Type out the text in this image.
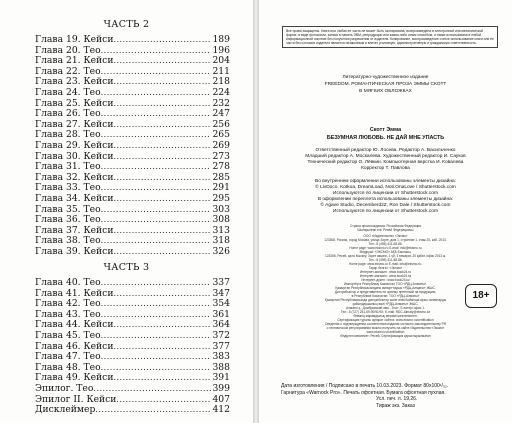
ЧАСТЬ 2
Глава 19. Кейси .....	189
Глава 20. Тео .....	196
Глава 21. Кейси .....	204
Глава 22. Тео .....	211
Глава 23. Кейси .....	218
Глава 24. Тео .....	224
Глава 25. Кейси .....	232
Глава 26. Тео .....	247
Глава 27. Кейси .....	256
Глава 28. Тео .....	265
Глава 29. Кейси .....	269
Глава 30. Кейси .....	273
Глава 31. Тео .....	278
Глава 32. Кейси .....	285
Глава 33. Тео .....	291
Глава 34. Кейси .....	295
Глава 35. Тео .....	303
Глава 36. Тео .....	308
Глава 37. Кейси .....	313
Глава 38. Тео .....	318
Глава 39. Кейси .....	326
ЧАСТЬ 3
Глава 40. Тео .....	337
Глава 41. Кейси .....	347
Глава 42. Тео .....	354
Глава 43. Тео .....	361
Глава 44. Кейси .....	364
Глава 45. Тео .....	372
Глава 46. Кейси .....	377
Глава 47. Тео .....	383
Глава 48. Тео .....	388
Глава 49. Кейси .....	391
Эпилог. Тео .....	399
Эпилог II. Кейси .....	407
Дисклеймер .....	412
Все права защищены. Книга или любая ее часть не может быть скопирована, воспроизведена в электронной или механической форме, в виде фотокопии, записи в память ЭВМ, репродукции или каким-либо иным способом, а также использована в любой информационной системе без получения разрешения от издателя. Копирование, воспроизведение и иное использование книги или ее части без согласия издателя является незаконным и влечет уголовную, административную и гражданскую ответственность.
Литературно-художественное издание
FREEDOM. РОМАНТИЧЕСКАЯ ПРОЗА ЭММЫ СКОТТ
В МЯГКИХ ОБЛОЖКАХ
Скотт Эмма
БЕЗУМНАЯ ЛЮБОВЬ. НЕ ДАЙ МНЕ УПАСТЬ
Ответственный редактор Ю. Лосева. Редактор А. Васильченко
Младший редактор А. Москалева. Художественный редактор И. Сауков
Технический редактор О. Лёвкин. Компьютерная верстка И. Ковалева
Корректор Т. Павлова
Во внутреннем оформлении использованы элементы дизайна:
© LivDoco, Kotkoa, DreamLoad, Noti.OnaLove / Shutterstock.com
Используются по лицензии от Shutterstock.com
В оформлении переплета использованы элементы дизайна:
© Agave Studio, Decemberd2Z, Ron Dale / Shutterstock.com
Используются по лицензии от Shutterstock.com
Страна происхождения: Российская Федерация
Шығарылған елі: Ресей Федерациясы
ООО «Издательство «Эксмо»
123308, Россия, город Москва, улица Зорге, дом 1, строение 1, этаж 20, каб. 2013.
Тел.: 8 (495) 411-68-86.
Home page: www.eksmo.ru E-mail: info@eksmo.ru
Өндіруші: «ЭКСМО» АҚБ Баспасы,
123308, Ресей, қала Мәскеу, Зорге көшесі, 1 үй, 1 ғимарат, 20 қабат, офис 2013 ж.
Тел.: 8 (495) 411-68-86.
Home page: www.eksmo.ru E-mail: info@eksmo.ru.
Тауар белгісі: «Эксмо»
Интернет-магазин : www.book24.ru
Интернет-магазин : www.book24.kz
Интернет-дүкен : www.book24.kz
Импортёр в Республику Казахстан ТОО «РДЦ-Алматы».
Қазақстан Республикасындағы импорттаушы «РДЦ-Алматы» ЖШС.
Дистрибьютор и представитель по приему претензий на продукцию,
в Республике Казахстан: ТОО «РДЦ-Алматы»
Қазақстан Республикасында дистрибьютор және өнім бойынша арыз-талаптарды
қабылдаушының өкілі «РДЦ-Алматы» ЖШС,
Алматы қ., Домбровский көш., 3«а», Б литері офис 1.
Тел.: 8 (727) 251-59-90/91/92; E-mail: RDC-Almaty@eksmo.kz
Өнімнің жарамдылық мерзімі шектелмеген.
Сертификация туралы ақпарат сайтта: www.eksmo.ru/certification
Сведения о подтверждении соответствия издания согласно законодательству РФ
о техническом регулировании можно получить на сайте Издательства «Эксмо»
www.eksmo.ru/certification
Өндірген мемлекет: Ресей. Сертификация қарастырылмаған
18+
Дата изготовления / Подписано в печать 10.03.2023. Формат 80x100¹/₃₂.
Гарнитура «Warnock Pro». Печать офсетная. Бумага офсетная пухлая.
Усл. печ. л. 19,26.
Тираж экз. Заказ
